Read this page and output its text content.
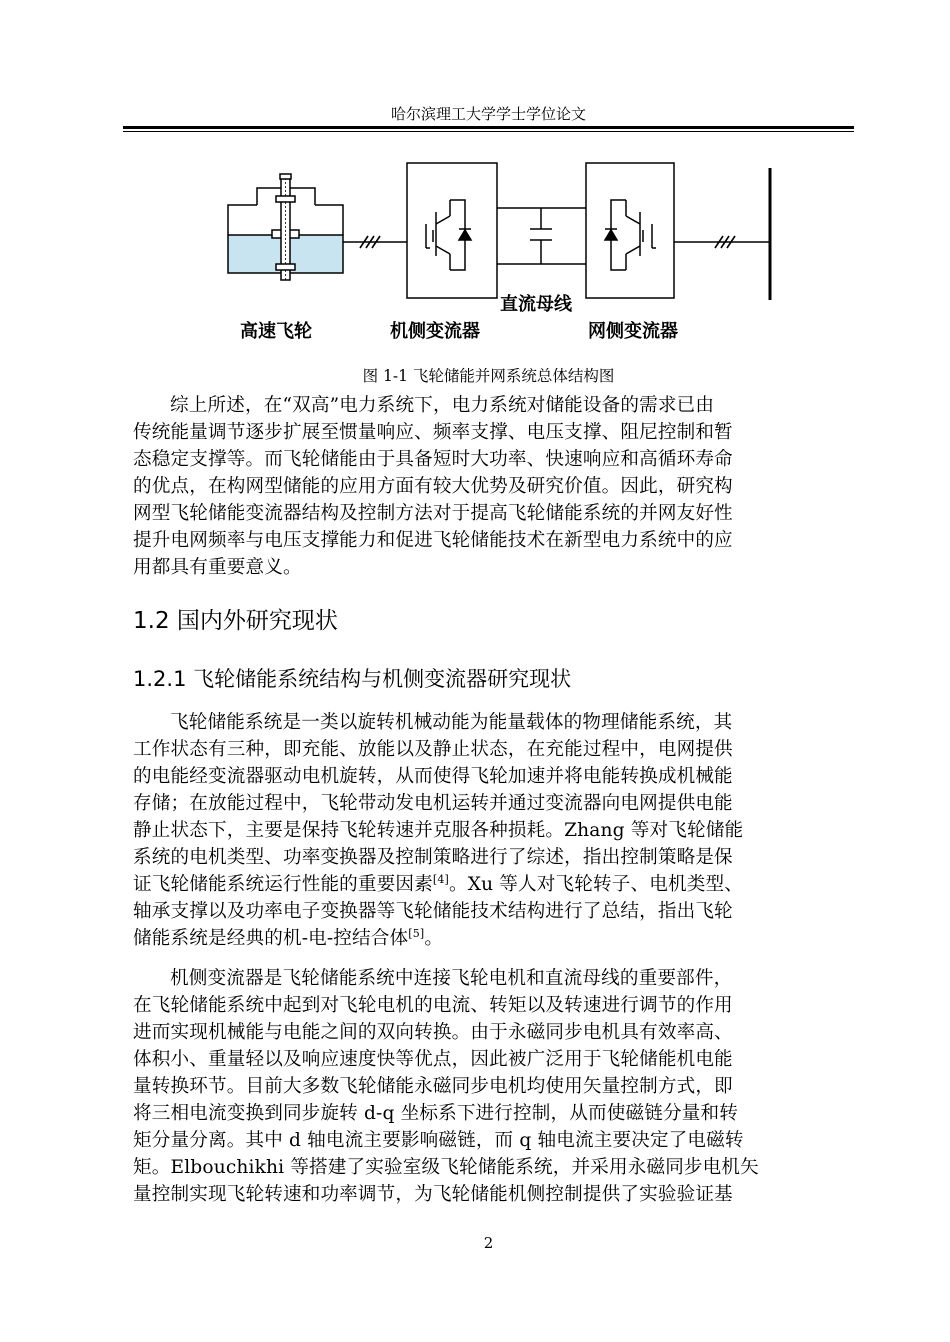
哈尔滨理工大学学士学位论文
高速飞轮	机侧变流器
直流母线
网侧变流器
图 1-1 飞轮储能并网系统总体结构图

综上所述，在“双高”电力系统下，电力系统对储能设备的需求已由
传统能量调节逐步扩展至惯量响应、频率支撑、电压支撑、阻尼控制和暂
态稳定支撑等。而飞轮储能由于具备短时大功率、快速响应和高循环寿命
的优点，在构网型储能的应用方面有较大优势及研究价值。因此，研究构
网型飞轮储能变流器结构及控制方法对于提高飞轮储能系统的并网友好性
提升电网频率与电压支撑能力和促进飞轮储能技术在新型电力系统中的应
用都具有重要意义。

1.2 国内外研究现状
1.2.1 飞轮储能系统结构与机侧变流器研究现状

飞轮储能系统是一类以旋转机械动能为能量载体的物理储能系统，其
工作状态有三种，即充能、放能以及静止状态，在充能过程中，电网提供
的电能经变流器驱动电机旋转，从而使得飞轮加速并将电能转换成机械能
存储；在放能过程中，飞轮带动发电机运转并通过变流器向电网提供电能
静止状态下，主要是保持飞轮转速并克服各种损耗。Zhang 等对飞轮储能
系统的电机类型、功率变换器及控制策略进行了综述，指出控制策略是保
证飞轮储能系统运行性能的重要因素[4]。Xu 等人对飞轮转子、电机类型、
轴承支撑以及功率电子变换器等飞轮储能技术结构进行了总结，指出飞轮
储能系统是经典的机-电-控结合体[5]。

机侧变流器是飞轮储能系统中连接飞轮电机和直流母线的重要部件，
在飞轮储能系统中起到对飞轮电机的电流、转矩以及转速进行调节的作用
进而实现机械能与电能之间的双向转换。由于永磁同步电机具有效率高、
体积小、重量轻以及响应速度快等优点，因此被广泛用于飞轮储能机电能
量转换环节。目前大多数飞轮储能永磁同步电机均使用矢量控制方式，即
将三相电流变换到同步旋转 d-q 坐标系下进行控制，从而使磁链分量和转
矩分量分离。其中 d 轴电流主要影响磁链，而 q 轴电流主要决定了电磁转
矩。Elbouchikhi 等搭建了实验室级飞轮储能系统，并采用永磁同步电机矢
量控制实现飞轮转速和功率调节，为飞轮储能机侧控制提供了实验验证基

2
